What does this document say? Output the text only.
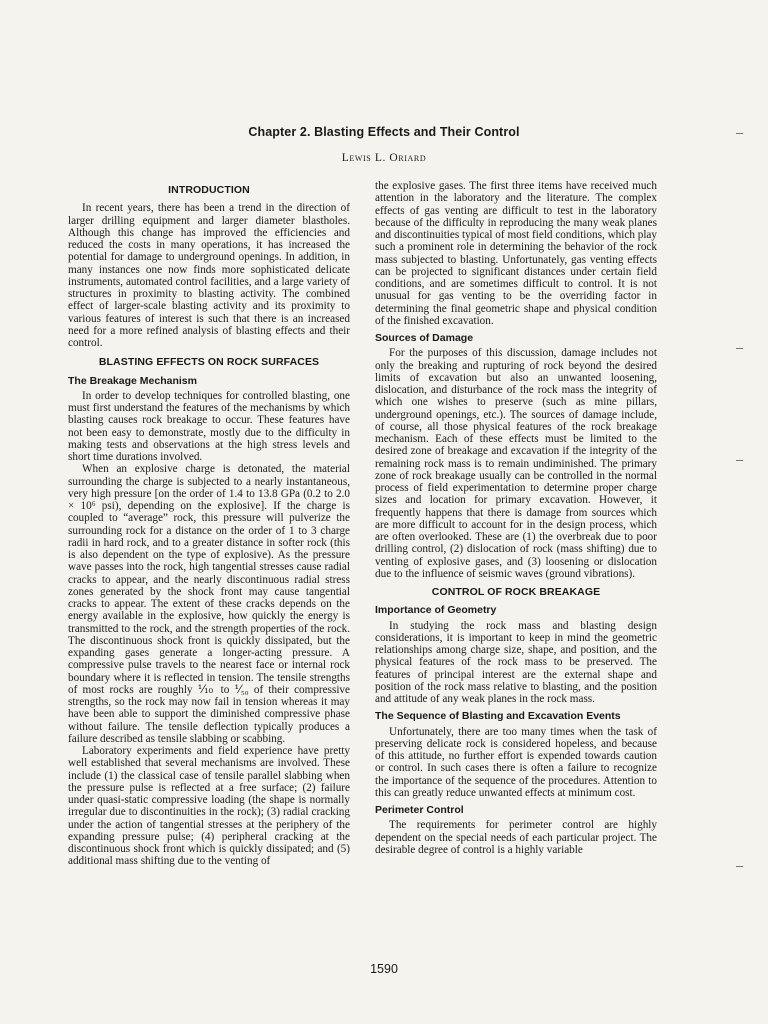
Chapter 2. Blasting Effects and Their Control
Lewis L. Oriard
INTRODUCTION

In recent years, there has been a trend in the direction of larger drilling equipment and larger diameter blastholes. Although this change has improved the efficiencies and reduced the costs in many operations, it has increased the potential for damage to underground openings. In addition, in many instances one now finds more sophisticated delicate instruments, automated control facilities, and a large variety of structures in proximity to blasting activity. The combined effect of larger-scale blasting activity and its proximity to various features of interest is such that there is an increased need for a more refined analysis of blasting effects and their control.

BLASTING EFFECTS ON ROCK SURFACES
The Breakage Mechanism

In order to develop techniques for controlled blasting, one must first understand the features of the mechanisms by which blasting causes rock breakage to occur. These features have not been easy to demonstrate, mostly due to the difficulty in making tests and observations at the high stress levels and short time durations involved.

When an explosive charge is detonated, the material surrounding the charge is subjected to a nearly instantaneous, very high pressure [on the order of 1.4 to 13.8 GPa (0.2 to 2.0 × 10⁶ psi), depending on the explosive]. If the charge is coupled to “average” rock, this pressure will pulverize the surrounding rock for a distance on the order of 1 to 3 charge radii in hard rock, and to a greater distance in softer rock (this is also dependent on the type of explosive). As the pressure wave passes into the rock, high tangential stresses cause radial cracks to appear, and the nearly discontinuous radial stress zones generated by the shock front may cause tangential cracks to appear. The extent of these cracks depends on the energy available in the explosive, how quickly the energy is transmitted to the rock, and the strength properties of the rock. The discontinuous shock front is quickly dissipated, but the expanding gases generate a longer-acting pressure. A compressive pulse travels to the nearest face or internal rock boundary where it is reflected in tension. The tensile strengths of most rocks are roughly ⅒ to ⅟₅₀ of their compressive strengths, so the rock may now fail in tension whereas it may have been able to support the diminished compressive phase without failure. The tensile deflection typically produces a failure described as tensile slabbing or scabbing.

Laboratory experiments and field experience have pretty well established that several mechanisms are involved. These include (1) the classical case of tensile parallel slabbing when the pressure pulse is reflected at a free surface; (2) failure under quasi-static compressive loading (the shape is normally irregular due to discontinuities in the rock); (3) radial cracking under the action of tangential stresses at the periphery of the expanding pressure pulse; (4) peripheral cracking at the discontinuous shock front which is quickly dissipated; and (5) additional mass shifting due to the venting of

the explosive gases. The first three items have received much attention in the laboratory and the literature. The complex effects of gas venting are difficult to test in the laboratory because of the difficulty in reproducing the many weak planes and discontinuities typical of most field conditions, which play such a prominent role in determining the behavior of the rock mass subjected to blasting. Unfortunately, gas venting effects can be projected to significant distances under certain field conditions, and are sometimes difficult to control. It is not unusual for gas venting to be the overriding factor in determining the final geometric shape and physical condition of the finished excavation.

Sources of Damage

For the purposes of this discussion, damage includes not only the breaking and rupturing of rock beyond the desired limits of excavation but also an unwanted loosening, dislocation, and disturbance of the rock mass the integrity of which one wishes to preserve (such as mine pillars, underground openings, etc.). The sources of damage include, of course, all those physical features of the rock breakage mechanism. Each of these effects must be limited to the desired zone of breakage and excavation if the integrity of the remaining rock mass is to remain undiminished. The primary zone of rock breakage usually can be controlled in the normal process of field experimentation to determine proper charge sizes and location for primary excavation. However, it frequently happens that there is damage from sources which are more difficult to account for in the design process, which are often overlooked. These are (1) the overbreak due to poor drilling control, (2) dislocation of rock (mass shifting) due to venting of explosive gases, and (3) loosening or dislocation due to the influence of seismic waves (ground vibrations).

CONTROL OF ROCK BREAKAGE
Importance of Geometry

In studying the rock mass and blasting design considerations, it is important to keep in mind the geometric relationships among charge size, shape, and position, and the physical features of the rock mass to be preserved. The features of principal interest are the external shape and position of the rock mass relative to blasting, and the position and attitude of any weak planes in the rock mass.

The Sequence of Blasting and Excavation Events

Unfortunately, there are too many times when the task of preserving delicate rock is considered hopeless, and because of this attitude, no further effort is expended towards caution or control. In such cases there is often a failure to recognize the importance of the sequence of the procedures. Attention to this can greatly reduce unwanted effects at minimum cost.

Perimeter Control

The requirements for perimeter control are highly dependent on the special needs of each particular project. The desirable degree of control is a highly variable

1590
